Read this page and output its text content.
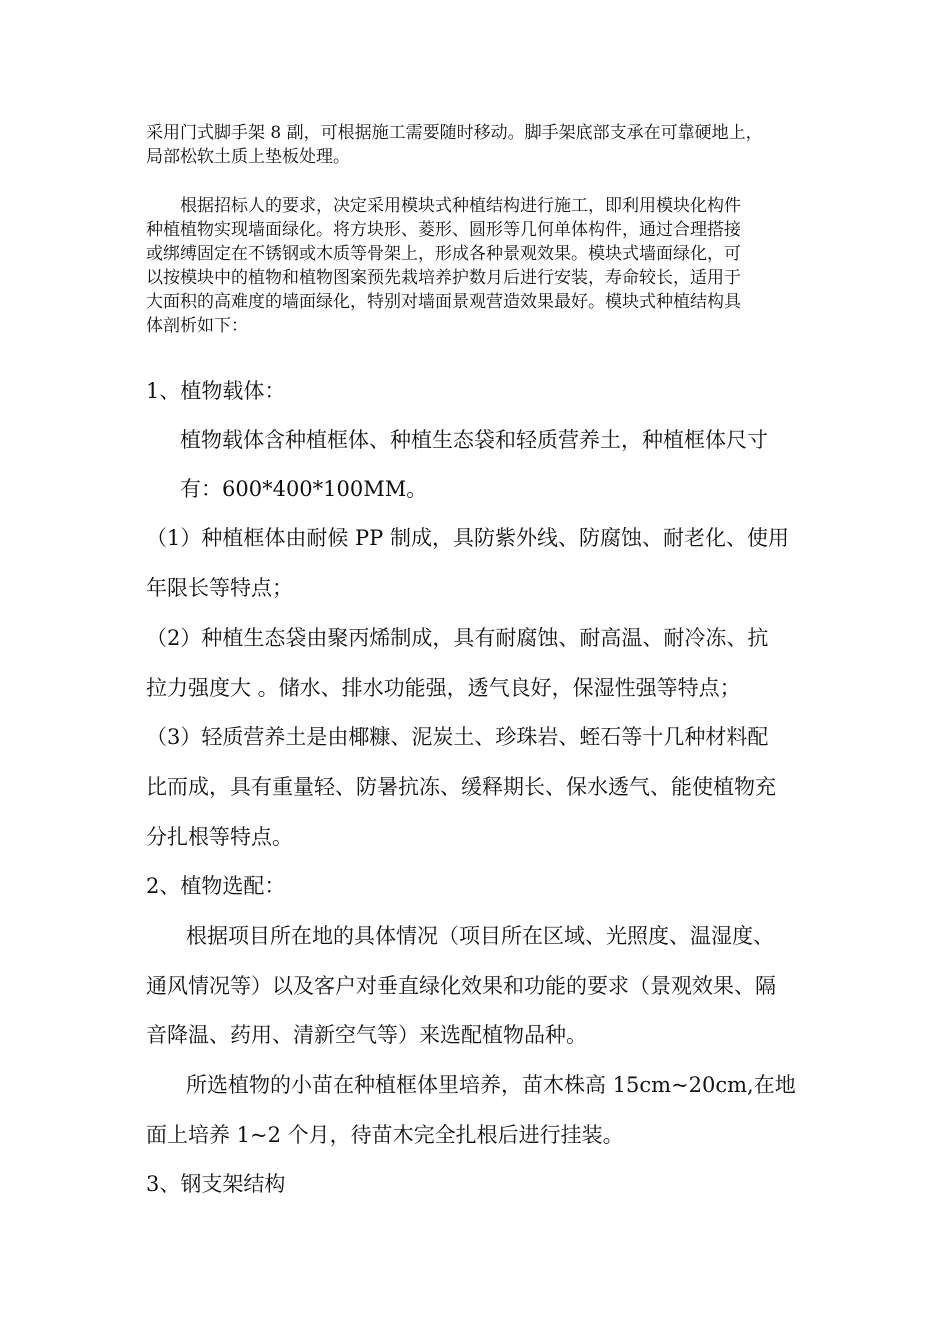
采用门式脚手架 8 副，可根据施工需要随时移动。脚手架底部支承在可靠硬地上，

局部松软土质上垫板处理。

根据招标人的要求，决定采用模块式种植结构进行施工，即利用模块化构件

种植植物实现墙面绿化。将方块形、菱形、圆形等几何单体构件，通过合理搭接

或绑缚固定在不锈钢或木质等骨架上，形成各种景观效果。模块式墙面绿化，可

以按模块中的植物和植物图案预先栽培养护数月后进行安装，寿命较长，适用于

大面积的高难度的墙面绿化，特别对墙面景观营造效果最好。模块式种植结构具

体剖析如下：

1、植物载体：

植物载体含种植框体、种植生态袋和轻质营养土，种植框体尺寸

有：600*400*100MM。

（1）种植框体由耐候 PP 制成，具防紫外线、防腐蚀、耐老化、使用

年限长等特点；

（2）种植生态袋由聚丙烯制成，具有耐腐蚀、耐高温、耐冷冻、抗

拉力强度大 。储水、排水功能强，透气良好，保湿性强等特点；

（3）轻质营养土是由椰糠、泥炭土、珍珠岩、蛭石等十几种材料配

比而成，具有重量轻、防暑抗冻、缓释期长、保水透气、能使植物充

分扎根等特点。

2、植物选配：

根据项目所在地的具体情况（项目所在区域、光照度、温湿度、

通风情况等）以及客户对垂直绿化效果和功能的要求（景观效果、隔

音降温、药用、清新空气等）来选配植物品种。

所选植物的小苗在种植框体里培养，苗木株高 15cm~20cm,在地

面上培养 1~2 个月，待苗木完全扎根后进行挂装。

3、钢支架结构
